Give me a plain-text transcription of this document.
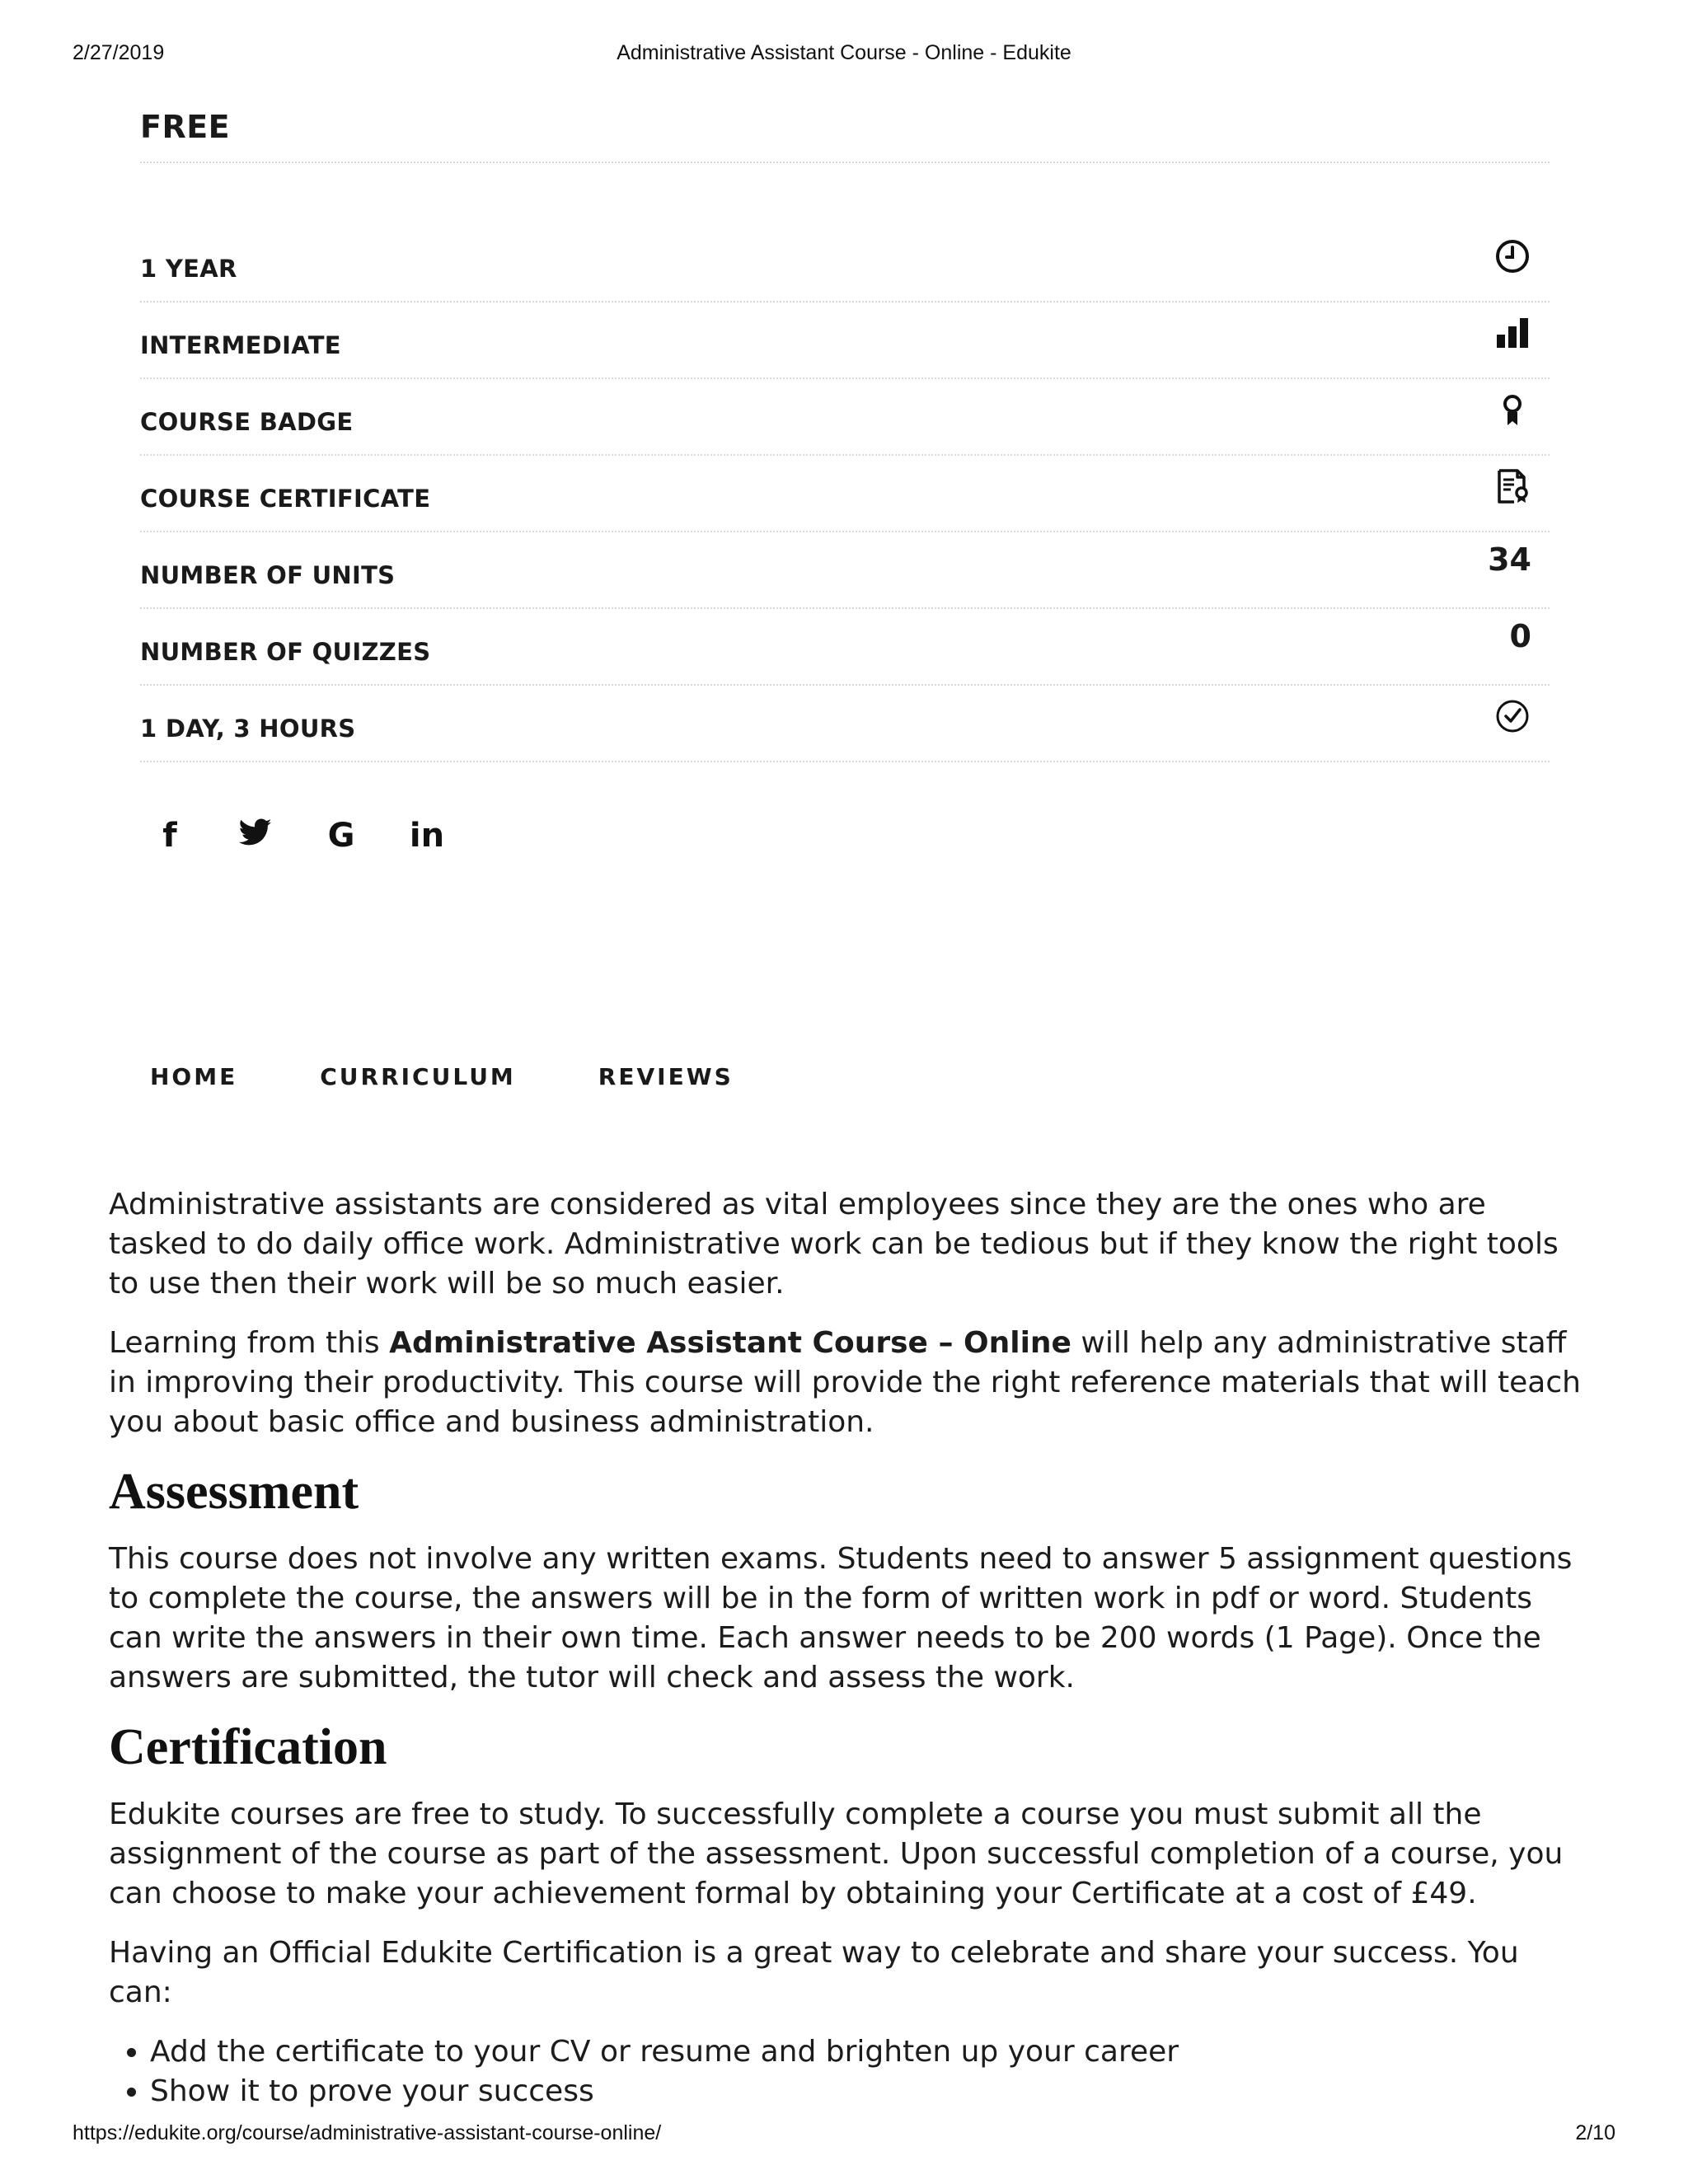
2/27/2019	Administrative Assistant Course - Online - Edukite
FREE
1 YEAR
INTERMEDIATE
COURSE BADGE
COURSE CERTIFICATE
NUMBER OF UNITS	34
NUMBER OF QUIZZES	0
1 DAY, 3 HOURS
f	G in
HOME	CURRICULUM	REVIEWS

Administrative assistants are considered as vital employees since they are the ones who are tasked to do daily office work. Administrative work can be tedious but if they know the right tools to use then their work will be so much easier.

Learning from this Administrative Assistant Course – Online will help any administrative staff in improving their productivity. This course will provide the right reference materials that will teach you about basic office and business administration.

Assessment

This course does not involve any written exams. Students need to answer 5 assignment questions to complete the course, the answers will be in the form of written work in pdf or word. Students can write the answers in their own time. Each answer needs to be 200 words (1 Page). Once the answers are submitted, the tutor will check and assess the work.

Certification

Edukite courses are free to study. To successfully complete a course you must submit all the assignment of the course as part of the assessment. Upon successful completion of a course, you can choose to make your achievement formal by obtaining your Certificate at a cost of £49.

Having an Official Edukite Certification is a great way to celebrate and share your success. You can:

• Add the certificate to your CV or resume and brighten up your career
• Show it to prove your success
https://edukite.org/course/administrative-assistant-course-online/	2/10
